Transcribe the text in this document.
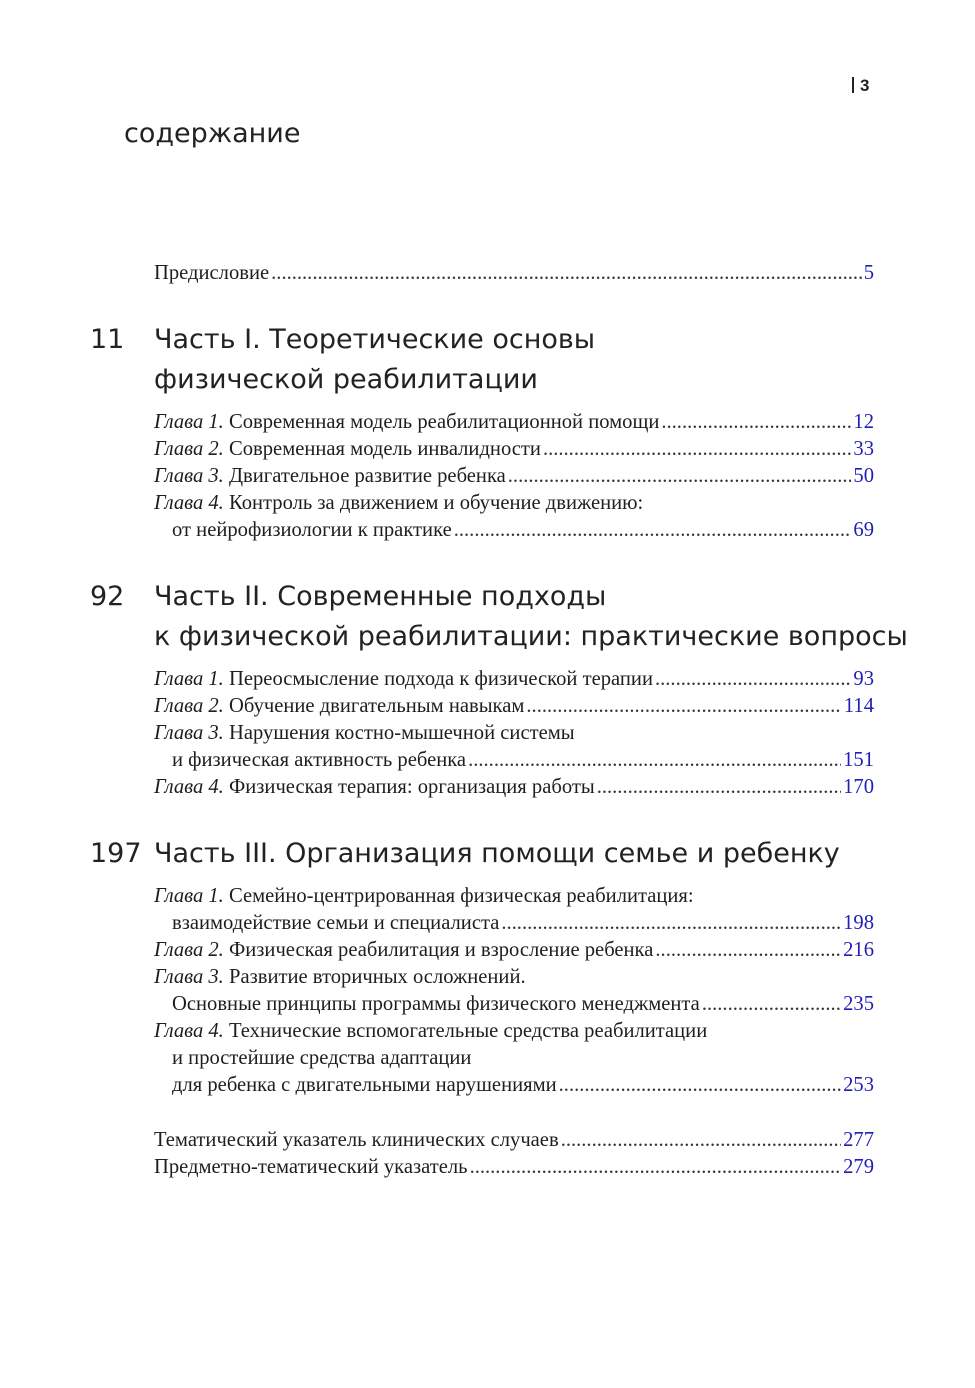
3
содержание
Предисловие .....	5
11 Часть I. Теоретические основы
физической реабилитации
Глава 1. Современная модель реабилитационной помощи .....	12
Глава 2. Современная модель инвалидности .....	33
Глава 3. Двигательное развитие ребенка .....	50
Глава 4. Контроль за движением и обучение движению:
от нейрофизиологии к практике .....	69
92 Часть II. Современные подходы
к физической реабилитации: практические вопросы
Глава 1. Переосмысление подхода к физической терапии .....	93
Глава 2. Обучение двигательным навыкам .....	114
Глава 3. Нарушения костно-мышечной системы
и физическая активность ребенка .....	151
Глава 4. Физическая терапия: организация работы .....	170
197 Часть III. Организация помощи семье и ребенку
Глава 1. Семейно-центрированная физическая реабилитация:
взаимодействие семьи и специалиста .....	198
Глава 2. Физическая реабилитация и взросление ребенка .....	216
Глава 3. Развитие вторичных осложнений.
Основные принципы программы физического менеджмента .....	235
Глава 4. Технические вспомогательные средства реабилитации
и простейшие средства адаптации
для ребенка с двигательными нарушениями .....	253
Тематический указатель клинических случаев .....	277
Предметно-тематический указатель .....	279
